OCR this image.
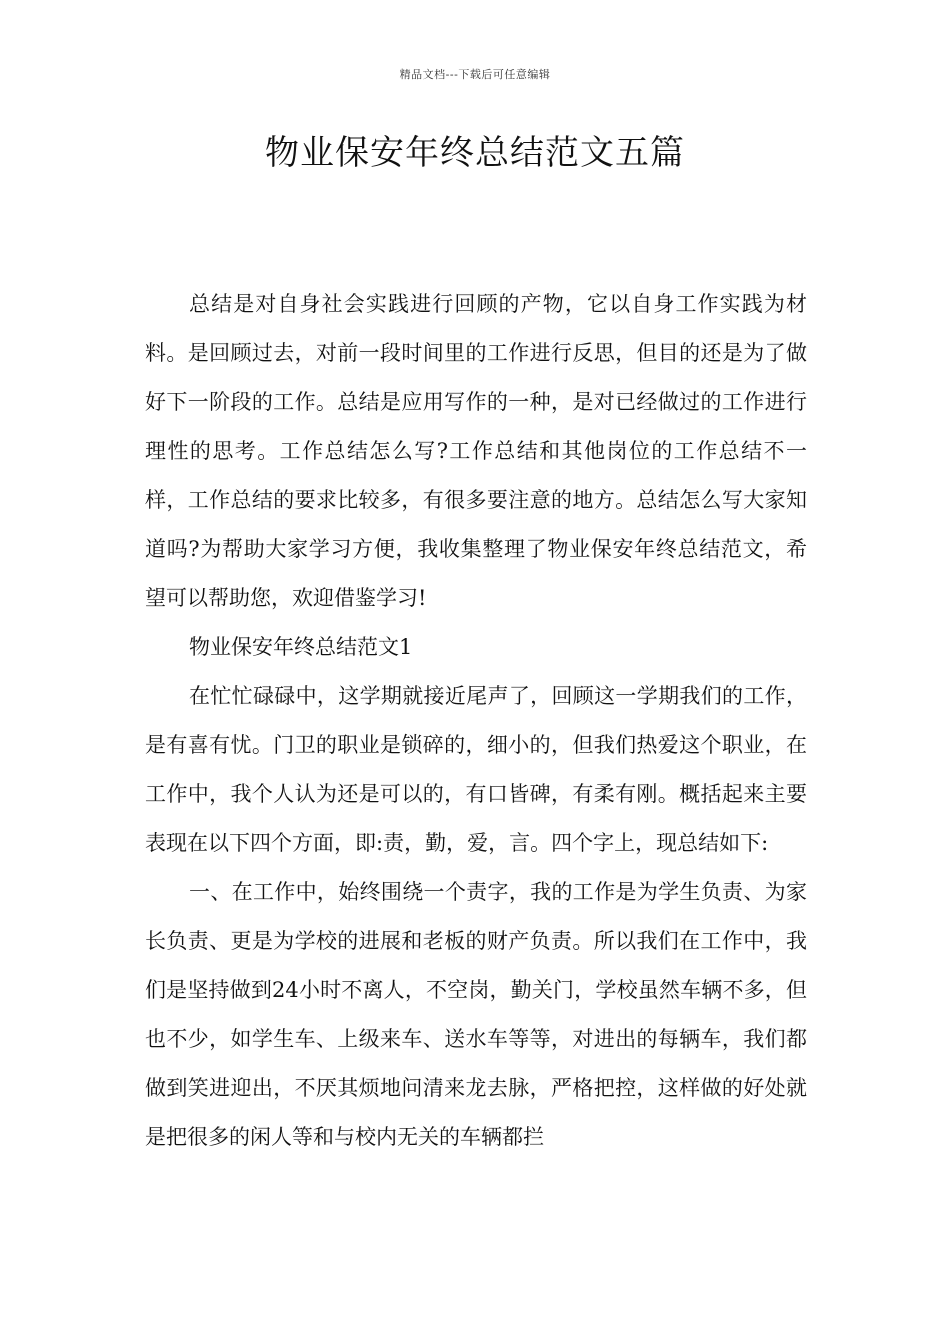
精品文档---下载后可任意编辑
物业保安年终总结范文五篇

总结是对自身社会实践进行回顾的产物，它以自身工作实践为材料。是回顾过去，对前一段时间里的工作进行反思，但目的还是为了做好下一阶段的工作。总结是应用写作的一种，是对已经做过的工作进行理性的思考。工作总结怎么写?工作总结和其他岗位的工作总结不一样，工作总结的要求比较多，有很多要注意的地方。总结怎么写大家知道吗?为帮助大家学习方便，我收集整理了物业保安年终总结范文，希望可以帮助您，欢迎借鉴学习!

物业保安年终总结范文1

在忙忙碌碌中，这学期就接近尾声了，回顾这一学期我们的工作，是有喜有忧。门卫的职业是锁碎的，细小的，但我们热爱这个职业，在工作中，我个人认为还是可以的，有口皆碑，有柔有刚。概括起来主要表现在以下四个方面，即:责，勤，爱，言。四个字上，现总结如下:

一、在工作中，始终围绕一个责字，我的工作是为学生负责、为家长负责、更是为学校的进展和老板的财产负责。所以我们在工作中，我们是坚持做到24小时不离人，不空岗，勤关门，学校虽然车辆不多，但也不少，如学生车、上级来车、送水车等等，对进出的每辆车，我们都做到笑进迎出，不厌其烦地问清来龙去脉，严格把控，这样做的好处就是把很多的闲人等和与校内无关的车辆都拦
